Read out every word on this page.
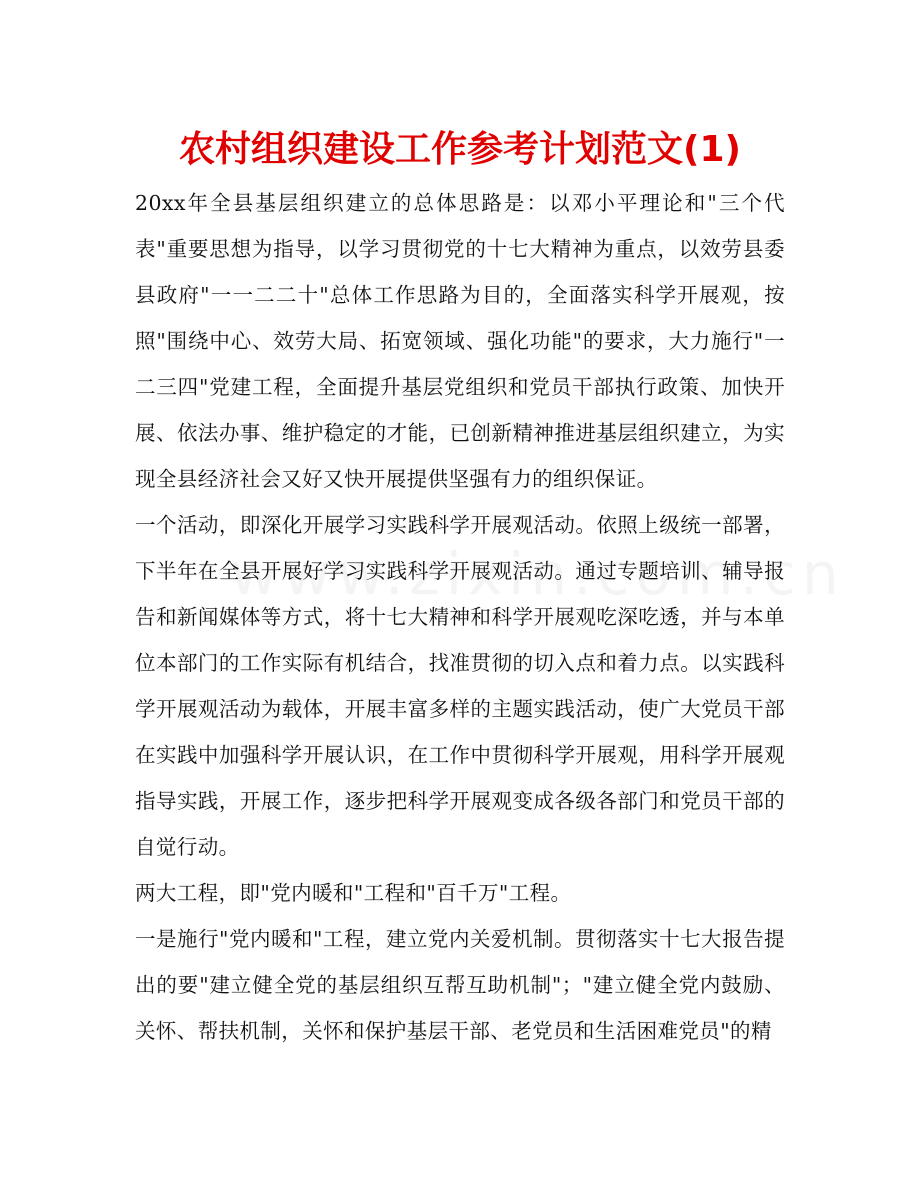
农村组织建设工作参考计划范文(1)

20xx年全县基层组织建立的总体思路是：以邓小平理论和"三个代表"重要思想为指导，以学习贯彻党的十七大精神为重点，以效劳县委县政府"一一二二十"总体工作思路为目的，全面落实科学开展观，按照"围绕中心、效劳大局、拓宽领域、强化功能"的要求，大力施行"一二三四"党建工程，全面提升基层党组织和党员干部执行政策、加快开展、依法办事、维护稳定的才能，已创新精神推进基层组织建立，为实现全县经济社会又好又快开展提供坚强有力的组织保证。

一个活动，即深化开展学习实践科学开展观活动。依照上级统一部署，下半年在全县开展好学习实践科学开展观活动。通过专题培训、辅导报告和新闻媒体等方式，将十七大精神和科学开展观吃深吃透，并与本单位本部门的工作实际有机结合，找准贯彻的切入点和着力点。以实践科学开展观活动为载体，开展丰富多样的主题实践活动，使广大党员干部在实践中加强科学开展认识，在工作中贯彻科学开展观，用科学开展观指导实践，开展工作，逐步把科学开展观变成各级各部门和党员干部的自觉行动。

两大工程，即"党内暖和"工程和"百千万"工程。

一是施行"党内暖和"工程，建立党内关爱机制。贯彻落实十七大报告提出的要"建立健全党的基层组织互帮互助机制"；"建立健全党内鼓励、关怀、帮扶机制，关怀和保护基层干部、老党员和生活困难党员"的精
